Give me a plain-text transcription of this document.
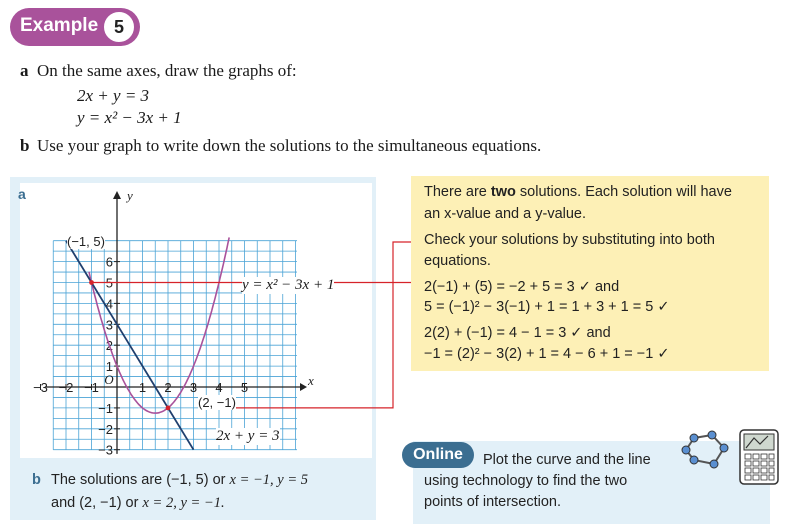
Example 5
a On the same axes, draw the graphs of:
2x + y = 3
y = x² − 3x + 1
b Use your graph to write down the solutions to the simultaneous equations.
a
−3 −2 −1	1 2 3 4 5
6
5
4
3
2
1
−1
−2
−3
O	x
y
(−1, 5)
(2, −1)
y = x² − 3x + 1
2x + y = 3
b The solutions are (−1, 5) or x = −1, y = 5
and (2, −1) or x = 2, y = −1.
There are two solutions. Each solution will have
an x-value and a y-value.
Check your solutions by substituting into both
equations.
2(−1) + (5) = −2 + 5 = 3 ✓ and
5 = (−1)² − 3(−1) + 1 = 1 + 3 + 1 = 5 ✓
2(2) + (−1) = 4 − 1 = 3 ✓ and
−1 = (2)² − 3(2) + 1 = 4 − 6 + 1 = −1 ✓
Online	Plot the curve and the line
using technology to find the two
points of intersection.
